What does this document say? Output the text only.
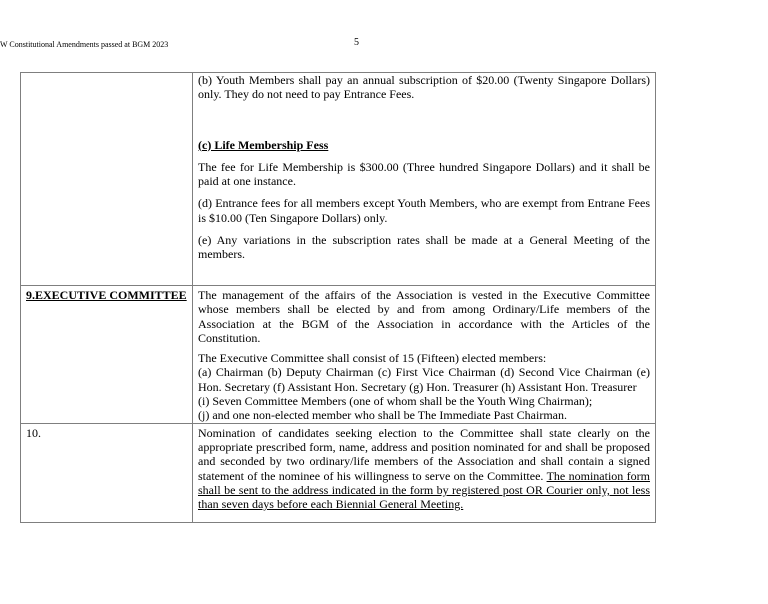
W Constitutional Amendments passed at BGM 2023	5

	(b) Youth Members shall pay an annual subscription of $20.00 (Twenty Singapore Dollars) only. They do not need to pay Entrance Fees.

(c) Life Membership Fess

The fee for Life Membership is $300.00 (Three hundred Singapore Dollars) and it shall be paid at one instance.

(d) Entrance fees for all members except Youth Members, who are exempt from Entrane Fees is $10.00 (Ten Singapore Dollars) only.

(e) Any variations in the subscription rates shall be made at a General Meeting of the members.

9.EXECUTIVE COMMITTEE	The management of the affairs of the Association is vested in the Executive Committee whose members shall be elected by and from among Ordinary/Life members of the Association at the BGM of the Association in accordance with the Articles of the Constitution.

The Executive Committee shall consist of 15 (Fifteen) elected members:

(a) Chairman (b) Deputy Chairman (c) First Vice Chairman (d) Second Vice Chairman (e) Hon. Secretary (f) Assistant Hon. Secretary (g) Hon. Treasurer (h) Assistant Hon. Treasurer

(i) Seven Committee Members (one of whom shall be the Youth Wing Chairman);

(j) and one non-elected member who shall be The Immediate Past Chairman.

10.	Nomination of candidates seeking election to the Committee shall state clearly on the appropriate prescribed form, name, address and position nominated for and shall be proposed and seconded by two ordinary/life members of the Association and shall contain a signed statement of the nominee of his willingness to serve on the Committee. The nomination form shall be sent to the address indicated in the form by registered post OR Courier only, not less than seven days before each Biennial General Meeting.
